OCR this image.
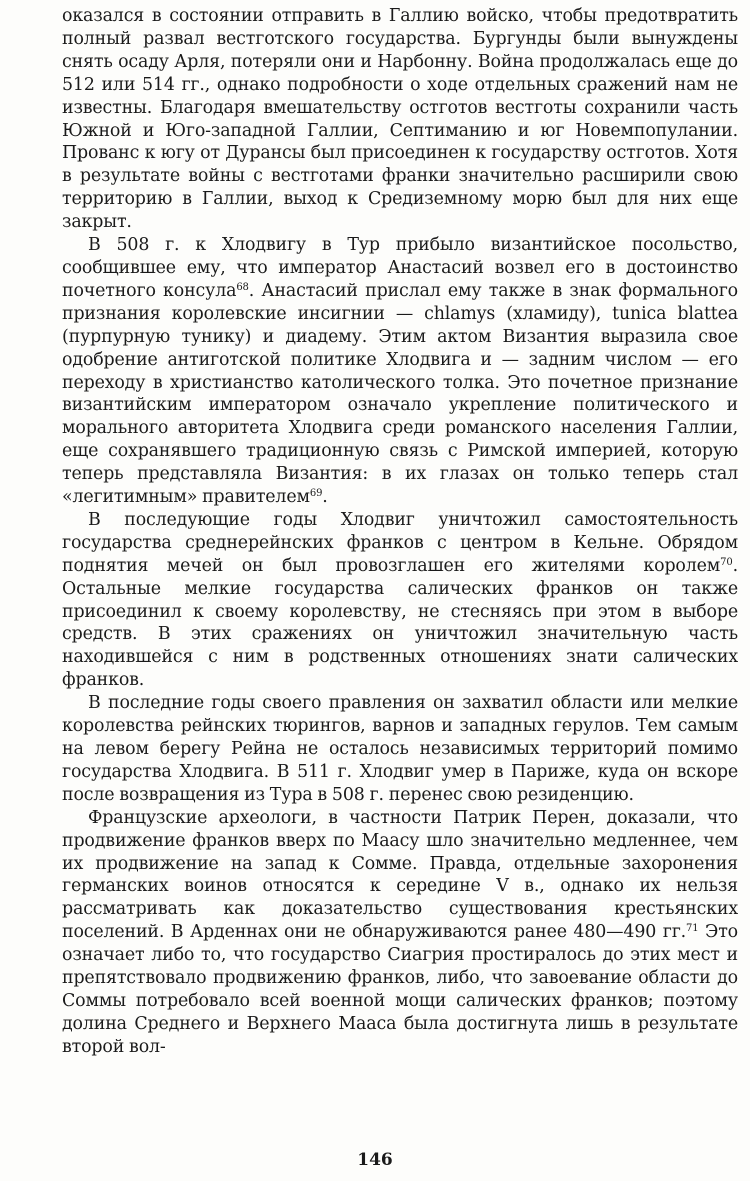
оказался в состоянии отправить в Галлию войско, чтобы предотвратить полный развал вестготского государства. Бургунды были вынуждены снять осаду Арля, потеряли они и Нарбонну. Война продолжалась еще до 512 или 514 гг., однако подробности о ходе отдельных сражений нам не известны. Благодаря вмешательству остготов вестготы сохранили часть Южной и Юго-западной Галлии, Септиманию и юг Новемпопулании. Прованс к югу от Дурансы был присоединен к государству остготов. Хотя в результате войны с вестготами франки значительно расширили свою территорию в Галлии, выход к Средиземному морю был для них еще закрыт.

В 508 г. к Хлодвигу в Тур прибыло византийское посольство, сообщившее ему, что император Анастасий возвел его в достоинство почетного консула$^{68}$. Анастасий прислал ему также в знак формального признания королевские инсигнии — chlamys (хламиду), tunica blattea (пурпурную тунику) и диадему. Этим актом Византия выразила свое одобрение антиготской политике Хлодвига и — задним числом — его переходу в христианство католического толка. Это почетное признание византийским императором означало укрепление политического и морального авторитета Хлодвига среди романского населения Галлии, еще сохранявшего традиционную связь с Римской империей, которую теперь представляла Византия: в их глазах он только теперь стал «легитимным» правителем$^{69}$.

В последующие годы Хлодвиг уничтожил самостоятельность государства среднерейнских франков с центром в Кельне. Обрядом поднятия мечей он был провозглашен его жителями королем$^{70}$. Остальные мелкие государства салических франков он также присоединил к своему королевству, не стесняясь при этом в выборе средств. В этих сражениях он уничтожил значительную часть находившейся с ним в родственных отношениях знати салических франков.

В последние годы своего правления он захватил области или мелкие королевства рейнских тюрингов, варнов и западных герулов. Тем самым на левом берегу Рейна не осталось независимых территорий помимо государства Хлодвига. В 511 г. Хлодвиг умер в Париже, куда он вскоре после возвращения из Тура в 508 г. перенес свою резиденцию.

Французские археологи, в частности Патрик Перен, доказали, что продвижение франков вверх по Маасу шло значительно медленнее, чем их продвижение на запад к Сомме. Правда, отдельные захоронения германских воинов относятся к середине V в., однако их нельзя рассматривать как доказательство существования крестьянских поселений. В Арденнах они не обнаруживаются ранее 480—490 гг.$^{71}$ Это означает либо то, что государство Сиагрия простиралось до этих мест и препятствовало продвижению франков, либо, что завоевание области до Соммы потребовало всей военной мощи салических франков; поэтому долина Среднего и Верхнего Мааса была достигнута лишь в результате второй вол-

146
